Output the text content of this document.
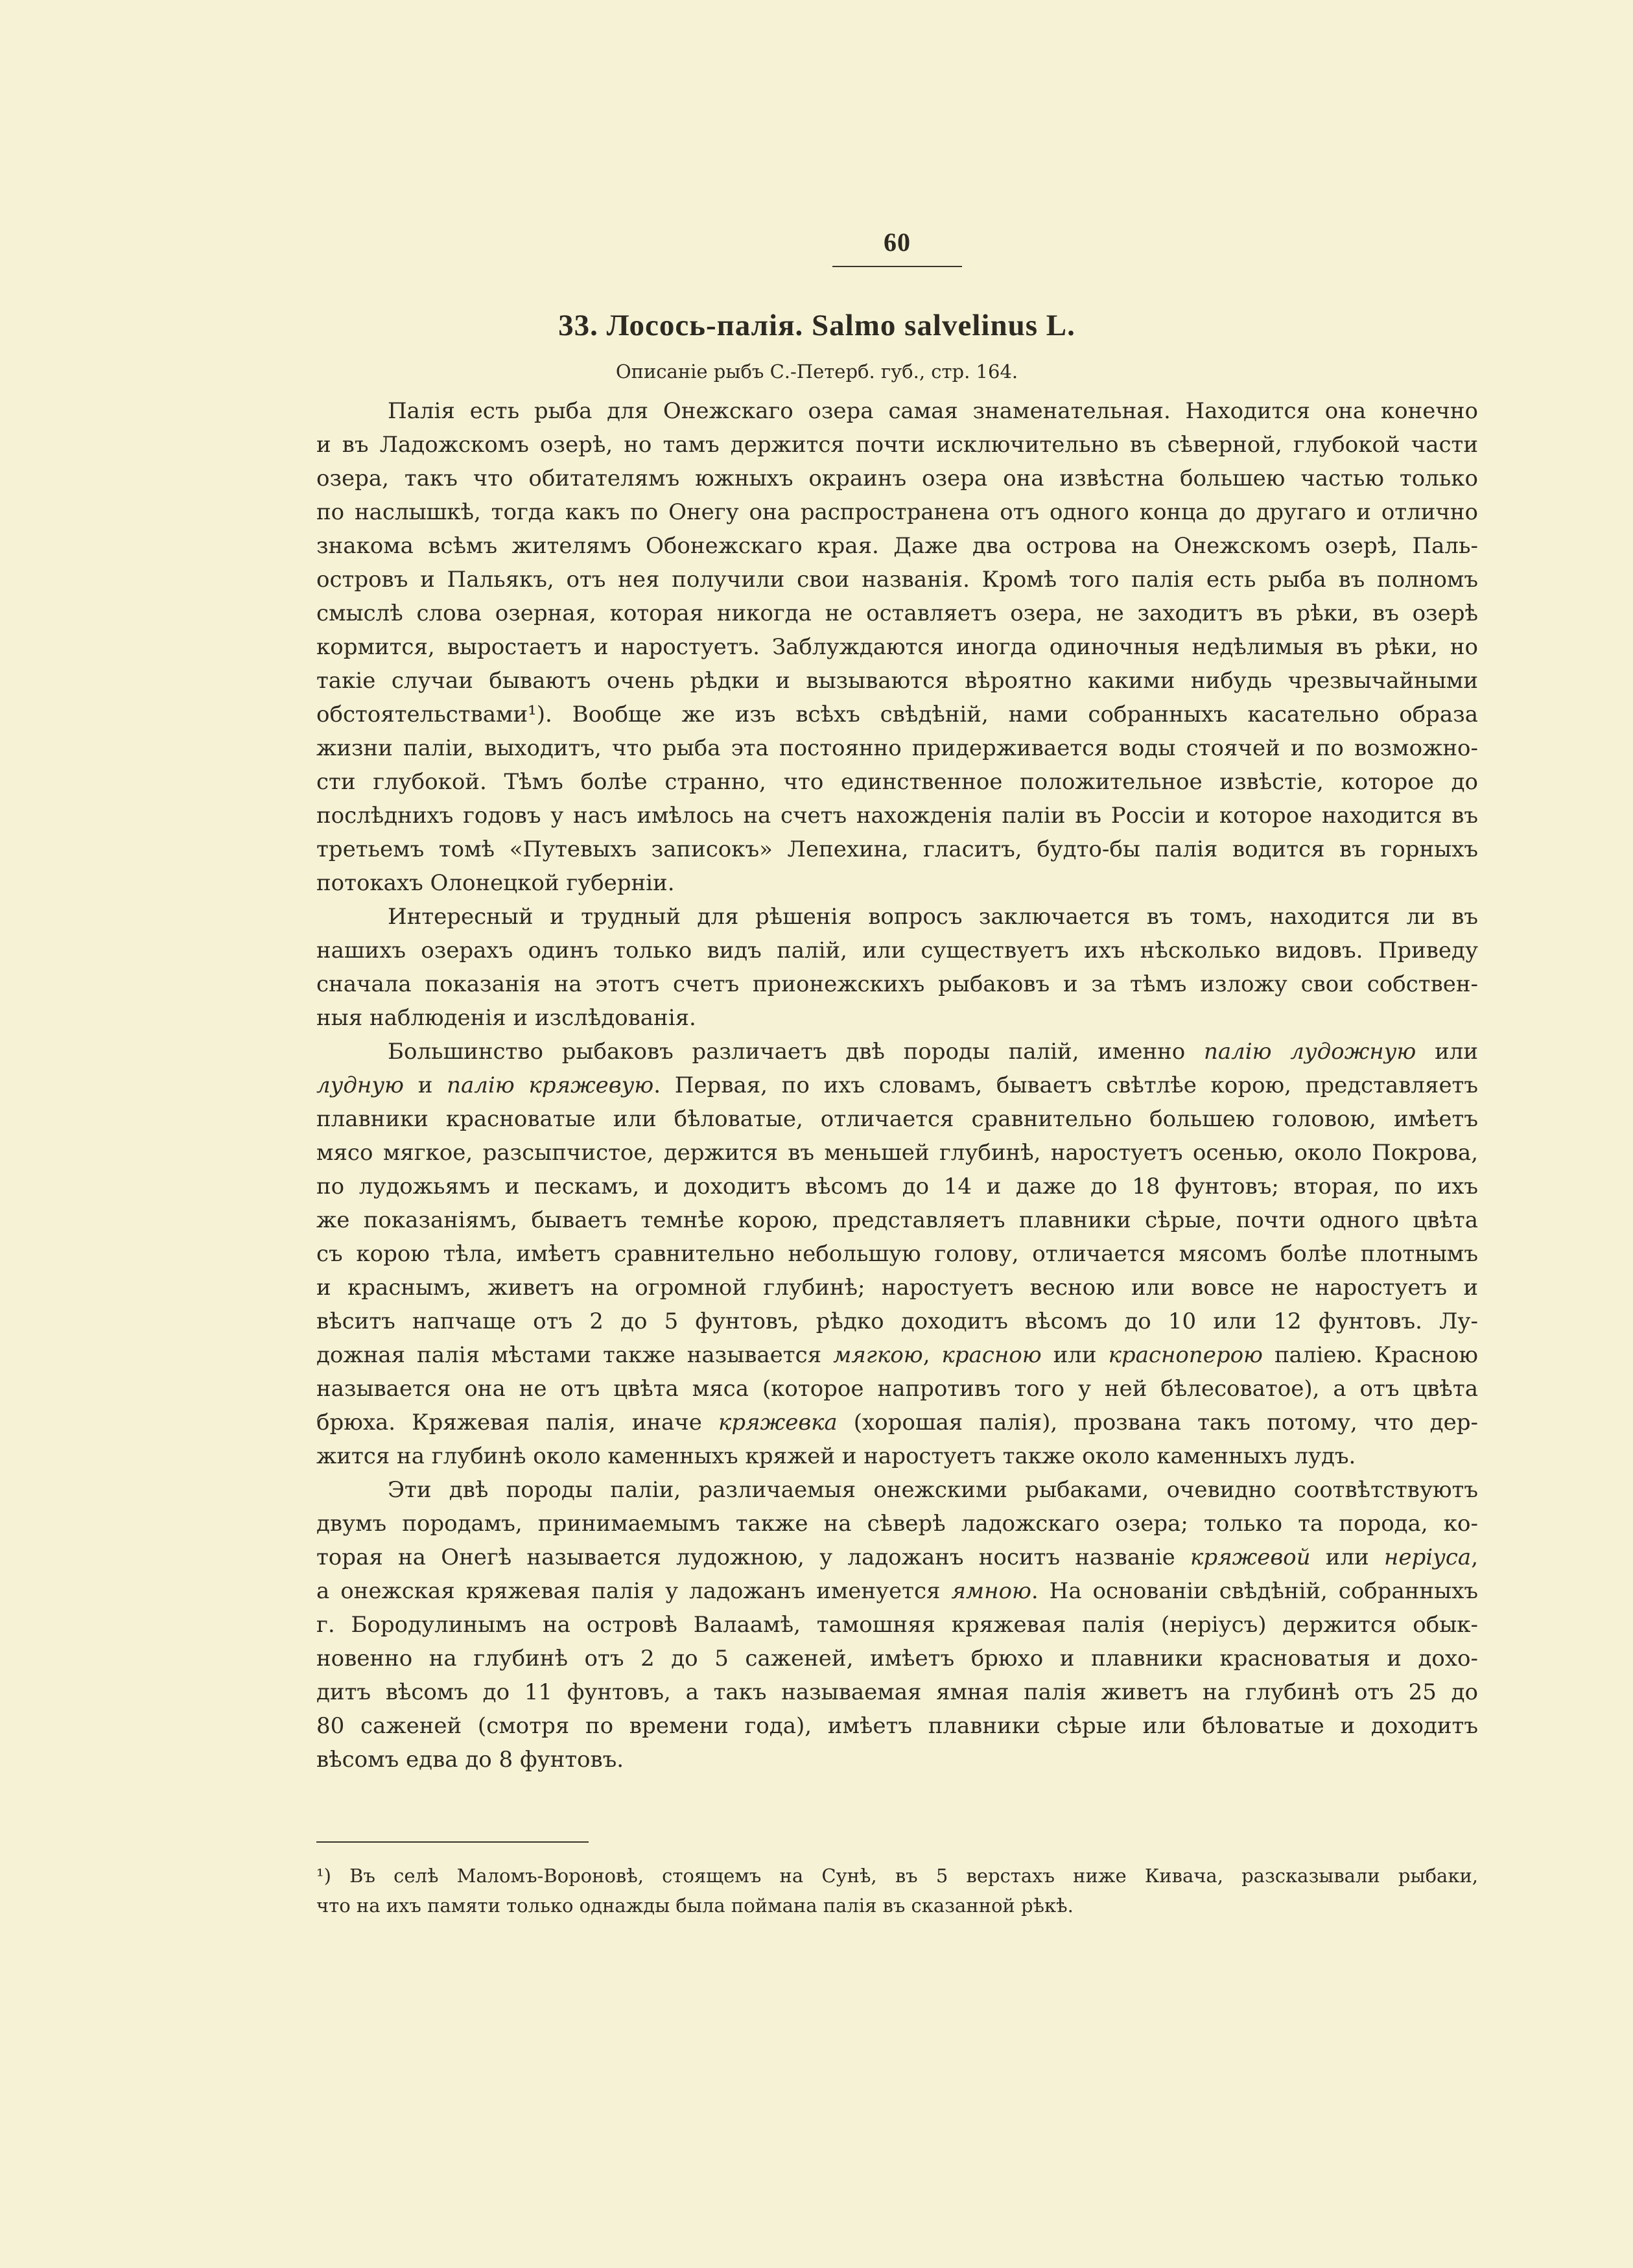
60
33. Лосось-палія. Salmo salvelinus L.
Описаніе рыбъ С.-Петерб. губ., стр. 164.
Палія есть рыба для Онежскаго озера самая знаменательная. Находится она конечно
и въ Ладожскомъ озерѣ, но тамъ держится почти исключительно въ сѣверной, глубокой части
озера, такъ что обитателямъ южныхъ окраинъ озера она извѣстна большею частью только
по наслышкѣ, тогда какъ по Онегу она распространена отъ одного конца до другаго и отлично
знакома всѣмъ жителямъ Обонежскаго края. Даже два острова на Онежскомъ озерѣ, Паль-
островъ и Пальякъ, отъ нея получили свои названія. Кромѣ того палія есть рыба въ полномъ
смыслѣ слова озерная, которая никогда не оставляетъ озера, не заходитъ въ рѣки, въ озерѣ
кормится, выростаетъ и наростуетъ. Заблуждаются иногда одиночныя недѣлимыя въ рѣки, но
такіе случаи бываютъ очень рѣдки и вызываются вѣроятно какими нибудь чрезвычайными
обстоятельствами¹). Вообще же изъ всѣхъ свѣдѣній, нами собранныхъ касательно образа
жизни паліи, выходитъ, что рыба эта постоянно придерживается воды стоячей и по возможно-
сти глубокой. Тѣмъ болѣе странно, что единственное положительное извѣстіе, которое до
послѣднихъ годовъ у насъ имѣлось на счетъ нахожденія паліи въ Россіи и которое находится въ
третьемъ томѣ «Путевыхъ записокъ» Лепехина, гласитъ, будто-бы палія водится въ горныхъ
потокахъ Олонецкой губерніи.
Интересный и трудный для рѣшенія вопросъ заключается въ томъ, находится ли въ
нашихъ озерахъ одинъ только видъ палій, или существуетъ ихъ нѣсколько видовъ. Приведу
сначала показанія на этотъ счетъ прионежскихъ рыбаковъ и за тѣмъ изложу свои собствен-
ныя наблюденія и изслѣдованія.
Большинство рыбаковъ различаетъ двѣ породы палій, именно палію лудожную или
лудную и палію кряжевую. Первая, по ихъ словамъ, бываетъ свѣтлѣе корою, представляетъ
плавники красноватые или бѣловатые, отличается сравнительно большею головою, имѣетъ
мясо мягкое, разсыпчистое, держится въ меньшей глубинѣ, наростуетъ осенью, около Покрова,
по лудожьямъ и пескамъ, и доходитъ вѣсомъ до 14 и даже до 18 фунтовъ; вторая, по ихъ
же показаніямъ, бываетъ темнѣе корою, представляетъ плавники сѣрые, почти одного цвѣта
съ корою тѣла, имѣетъ сравнительно небольшую голову, отличается мясомъ болѣе плотнымъ
и краснымъ, живетъ на огромной глубинѣ; наростуетъ весною или вовсе не наростуетъ и
вѣситъ напчаще отъ 2 до 5 фунтовъ, рѣдко доходитъ вѣсомъ до 10 или 12 фунтовъ. Лу-
дожная палія мѣстами также называется мягкою, красною или краснoперою паліею. Красною
называется она не отъ цвѣта мяса (которое напротивъ того у ней бѣлесоватое), а отъ цвѣта
брюха. Кряжевая палія, иначе кряжевка (хорошая палія), прозвана такъ потому, что дер-
жится на глубинѣ около каменныхъ кряжей и наростуетъ также около каменныхъ лудъ.
Эти двѣ породы паліи, различаемыя онежскими рыбаками, очевидно соотвѣтствуютъ
двумъ породамъ, принимаемымъ также на сѣверѣ ладожскаго озера; только та порода, ко-
торая на Онегѣ называется лудожною, у ладожанъ носитъ названіе кряжевой или нерiуса,
а онежская кряжевая палія у ладожанъ именуется ямною. На основаніи свѣдѣній, собранныхъ
г. Бородулинымъ на островѣ Валаамѣ, тамошняя кряжевая палія (нерiусъ) держится обык-
новенно на глубинѣ отъ 2 до 5 саженей, имѣетъ брюхо и плавники красноватыя и дохо-
дитъ вѣсомъ до 11 фунтовъ, а такъ называемая ямная палія живетъ на глубинѣ отъ 25 до
80 саженей (смотря по времени года), имѣетъ плавники сѣрые или бѣловатые и доходитъ
вѣсомъ едва до 8 фунтовъ.
¹) Въ селѣ Маломъ-Вороновѣ, стоящемъ на Сунѣ, въ 5 верстахъ ниже Кивача, разсказывали рыбаки,
что на ихъ памяти только однажды была поймана палія въ сказанной рѣкѣ.
